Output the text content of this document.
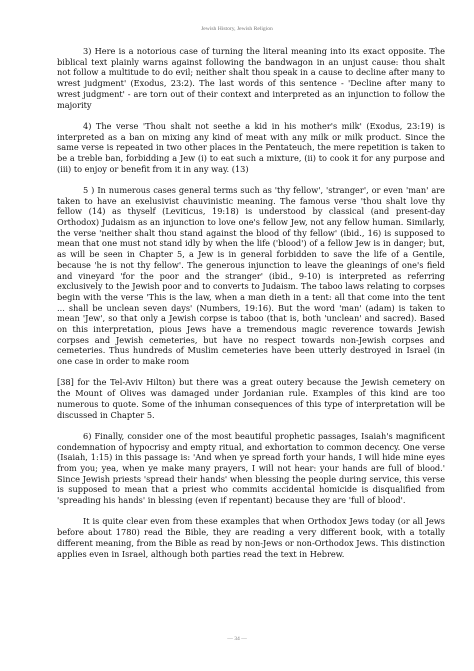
Jewish History, Jewish Religion

3) Here is a notorious case of turning the literal meaning into its exact opposite. The biblical text plainly warns against following the bandwagon in an unjust cause: thou shalt not follow a multitude to do evil; neither shalt thou speak in a cause to decline after many to wrest judgment' (Exodus, 23:2). The last words of this sentence - 'Decline after many to wrest judgment' - are torn out of their context and interpreted as an injunction to follow the majority

4) The verse 'Thou shalt not seethe a kid in his mother's milk' (Exodus, 23:19) is interpreted as a ban on mixing any kind of meat with any milk or milk product. Since the same verse is repeated in two other places in the Pentateuch, the mere repetition is taken to be a treble ban, forbidding a Jew (i) to eat such a mixture, (ii) to cook it for any purpose and (iii) to enjoy or benefit from it in any way. (13)

5 ) In numerous cases general terms such as 'thy fellow', 'stranger', or even 'man' are taken to have an exelusivist chauvinistic meaning. The famous verse 'thou shalt love thy fellow (14) as thyself (Leviticus, 19:18) is understood by classical (and present-day Orthodox) Judaism as an injunction to love one's fellow Jew, not any fellow human. Similarly, the verse 'neither shalt thou stand against the blood of thy fellow' (ibid., 16) is supposed to mean that one must not stand idly by when the life ('blood') of a fellow Jew is in danger; but, as will be seen in Chapter 5, a Jew is in general forbidden to save the life of a Gentile, because 'he is not thy fellow'. The generous injunction to leave the gleanings of one's field and vineyard 'for the poor and the stranger' (ibid., 9-10) is interpreted as referring exclusively to the Jewish poor and to converts to Judaism. The taboo laws relating to corpses begin with the verse 'This is the law, when a man dieth in a tent: all that come into the tent ... shall be unclean seven days' (Numbers, 19:16). But the word 'man' (adam) is taken to mean 'Jew', so that only a Jewish corpse is taboo (that is, both 'unclean' and sacred). Based on this interpretation, pious Jews have a tremendous magic reverence towards Jewish corpses and Jewish cemeteries, but have no respect towards non-Jewish corpses and cemeteries. Thus hundreds of Muslim cemeteries have been utterly destroyed in Israel (in one case in order to make room

[38] for the Tel-Aviv Hilton) but there was a great outery because the Jewish cemetery on the Mount of Olives was damaged under Jordanian rule. Examples of this kind are too numerous to quote. Some of the inhuman consequences of this type of interpretation will be discussed in Chapter 5.

6) Finally, consider one of the most beautiful prophetic passages, Isaiah's magnificent condemnation of hypocrisy and empty ritual, and exhortation to common decency. One verse (Isaiah, 1:15) in this passage is: 'And when ye spread forth your hands, I will hide mine eyes from you; yea, when ye make many prayers, I will not hear: your hands are full of blood.' Since Jewish priests 'spread their hands' when blessing the people during service, this verse is supposed to mean that a priest who commits accidental homicide is disqualified from 'spreading his hands' in blessing (even if repentant) because they are 'full of blood'.

It is quite clear even from these examples that when Orthodox Jews today (or all Jews before about 1780) read the Bible, they are reading a very different book, with a totally different meaning, from the Bible as read by non-Jews or non-Orthodox Jews. This distinction applies even in Israel, although both parties read the text in Hebrew.

— 34 —
